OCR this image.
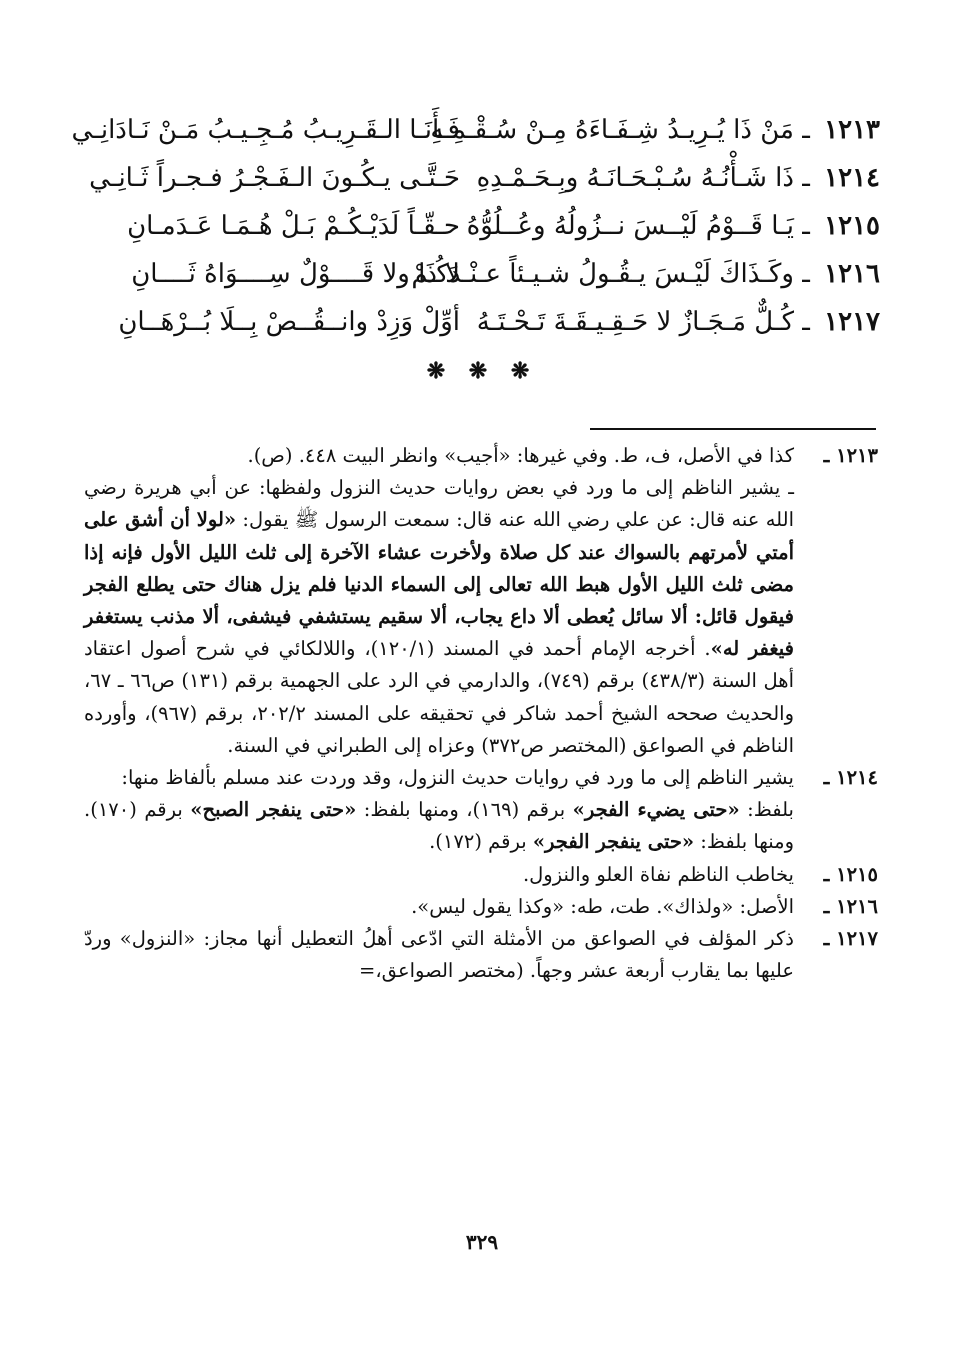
١٢١٣ ـ مَنْ ذَا يُـرِيـدُ شِـفَـاءَهُ مِـنْ سُـقْـمِـهِ
فَـأَنَـا الـقَـرِيـبُ مُـجِـيـبُ مَـنْ نَـادَانِـي
١٢١٤ ـ ذَا شَـأْنُـهُ سُـبْـحَـانَـهُ وبِـحَـمْـدِهِ
حَـتَّـى يـكُـونَ الـفَـجْـرُ فـجـراً ثَـانِـي
١٢١٥ ـ يَـا قَــوْمُ لَيْــسَ نــزُولُهُ وعُــلُوُّهُ
حـقّـاً لَدَيْـكُـمْ بَـلْ هُـمَـا عَـدَمـانِ
١٢١٦ ـ وكَـذَاكَ لَيْـسَ يـقُـولُ شـيـئاً عـنْـدَكُـمْ
لا ذَا ولا قَــــوْلٌ سِــــوَاهُ ثَــــانِ
١٢١٧ ـ كُـلٌّ مَـجَـازٌ لا حَـقِـيـقَـةَ تَـحْـتَـهُ
أوِّلْ وَزِدْ وانــقُــصْ بِــلَا بُــرْهَــانِ
❋ ❋ ❋
١٢١٣ ـ
كذا في الأصل، ف، ط. وفي غيرها: «أجيب» وانظر البيت ٤٤٨. (ص).
ـ يشير الناظم إلى ما ورد في بعض روايات حديث النزول ولفظها: عن أبي هريرة رضي الله عنه قال: عن علي رضي الله عنه قال: سمعت الرسول ﷺ يقول: «لولا أن أشق على أمتي لأمرتهم بالسواك عند كل صلاة ولأخرت عشاء الآخرة إلى ثلث الليل الأول فإنه إذا مضى ثلث الليل الأول هبط الله تعالى إلى السماء الدنيا فلم يزل هناك حتى يطلع الفجر فيقول قائل: ألا سائل يُعطى ألا داع يجاب، ألا سقيم يستشفي فيشفى، ألا مذنب يستغفر فيغفر له». أخرجه الإمام أحمد في المسند (١٢٠/١)، واللالكائي في شرح أصول اعتقاد أهل السنة (٤٣٨/٣) برقم (٧٤٩)، والدارمي في الرد على الجهمية برقم (١٣١) ص٦٦ ـ ٦٧، والحديث صححه الشيخ أحمد شاكر في تحقيقه على المسند ٢٠٢/٢، برقم (٩٦٧)، وأورده الناظم في الصواعق (المختصر ص٣٧٢) وعزاه إلى الطبراني في السنة.
١٢١٤ ـ
يشير الناظم إلى ما ورد في روايات حديث النزول، وقد وردت عند مسلم بألفاظ منها:
بلفظ: «حتى يضيء الفجر» برقم (١٦٩)، ومنها بلفظ: «حتى ينفجر الصبح» برقم (١٧٠). ومنها بلفظ: «حتى ينفجر الفجر» برقم (١٧٢).
١٢١٥ ـ
يخاطب الناظم نفاة العلو والنزول.
١٢١٦ ـ
الأصل: «ولذاك». طت، طه: «وكذا يقول ليس».
١٢١٧ ـ
ذكر المؤلف في الصواعق من الأمثلة التي ادّعى أهلُ التعطيل أنها مجاز: «النزول» وردّ عليها بما يقارب أربعة عشر وجهاً. (مختصر الصواعق،=
٣٢٩
